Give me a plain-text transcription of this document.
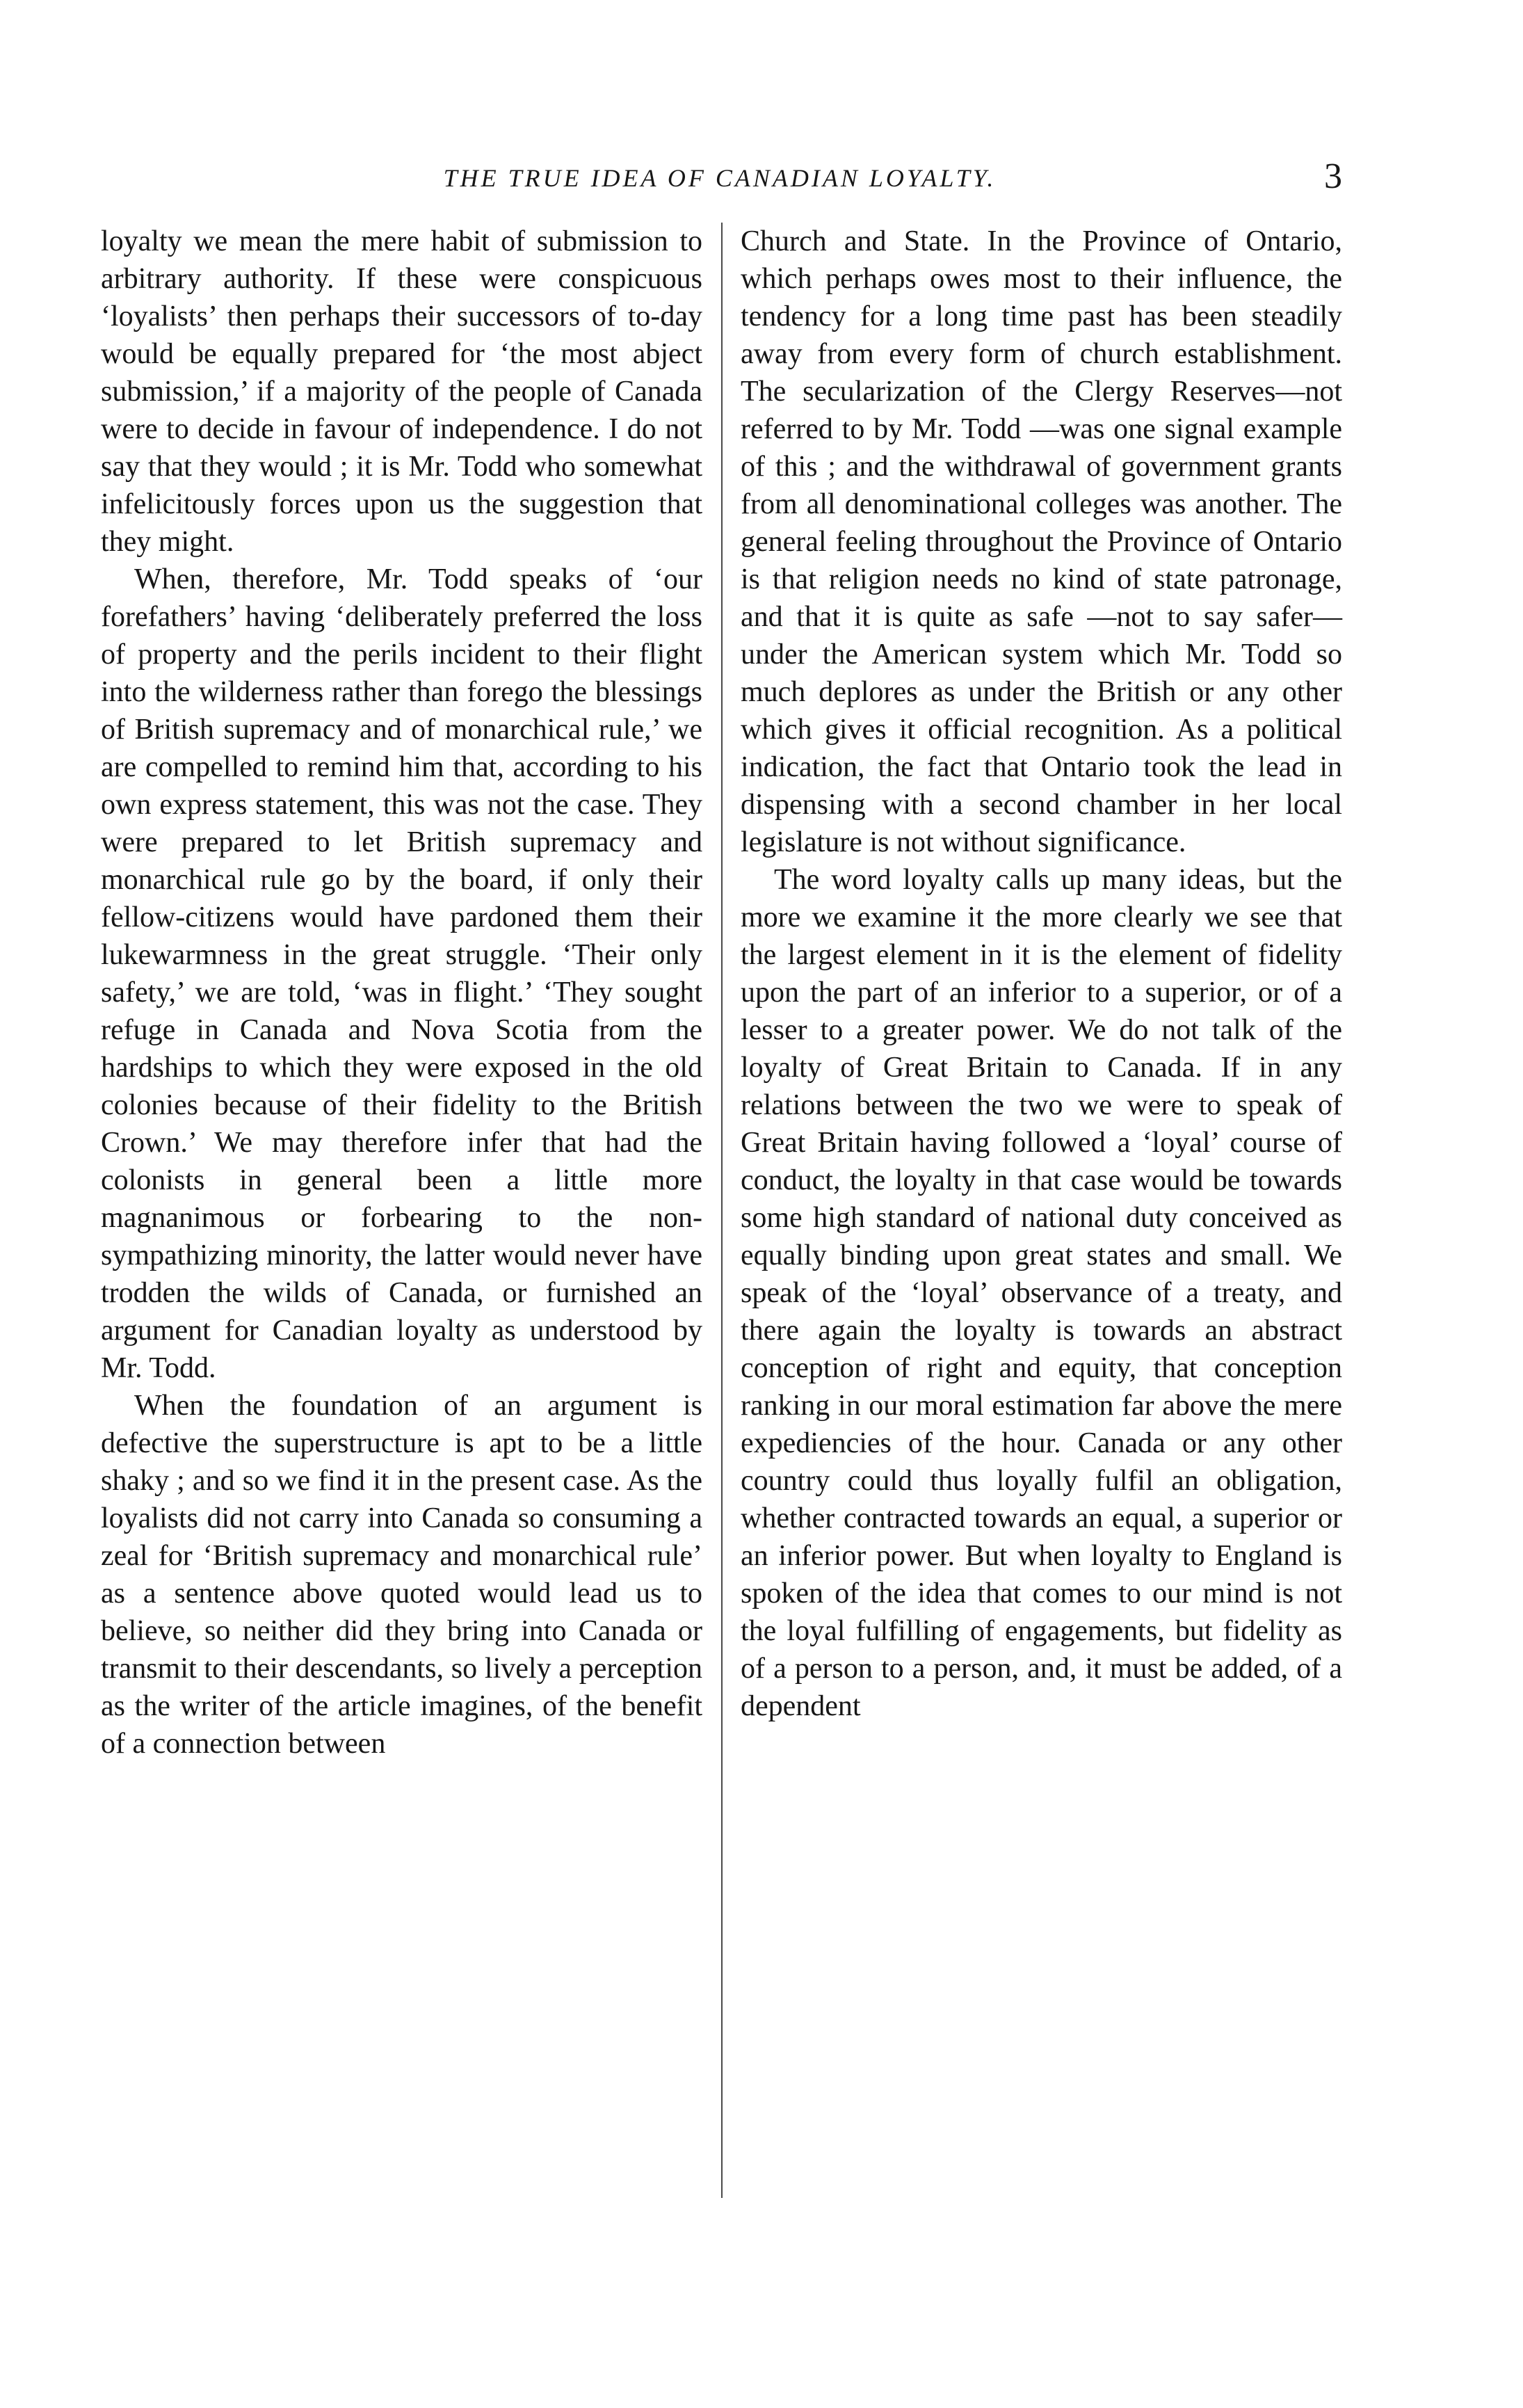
THE TRUE IDEA OF CANADIAN LOYALTY.	3

loyalty we mean the mere habit of submission to arbitrary authority. If these were conspicuous ‘loyalists’ then perhaps their successors of to-day would be equally prepared for ‘the most abject submission,’ if a majority of the people of Canada were to decide in favour of independence. I do not say that they would ; it is Mr. Todd who somewhat infelicitously forces upon us the suggestion that they might.

When, therefore, Mr. Todd speaks of ‘our forefathers’ having ‘deliberately preferred the loss of property and the perils incident to their flight into the wilderness rather than forego the blessings of British supremacy and of monarchical rule,’ we are compelled to remind him that, according to his own express statement, this was not the case. They were prepared to let British supremacy and monarchical rule go by the board, if only their fellow-citizens would have pardoned them their lukewarmness in the great struggle. ‘Their only safety,’ we are told, ‘was in flight.’ ‘They sought refuge in Canada and Nova Scotia from the hardships to which they were exposed in the old colonies because of their fidelity to the British Crown.’ We may therefore infer that had the colonists in general been a little more magnanimous or forbearing to the non-sympathizing minority, the latter would never have trodden the wilds of Canada, or furnished an argument for Canadian loyalty as understood by Mr. Todd.

When the foundation of an argument is defective the superstructure is apt to be a little shaky ; and so we find it in the present case. As the loyalists did not carry into Canada so consuming a zeal for ‘British supremacy and monarchical rule’ as a sentence above quoted would lead us to believe, so neither did they bring into Canada or transmit to their descendants, so lively a perception as the writer of the article imagines, of the benefit of a connection between

Church and State. In the Province of Ontario, which perhaps owes most to their influence, the tendency for a long time past has been steadily away from every form of church establishment. The secularization of the Clergy Reserves—not referred to by Mr. Todd —was one signal example of this ; and the withdrawal of government grants from all denominational colleges was another. The general feeling throughout the Province of Ontario is that religion needs no kind of state patronage, and that it is quite as safe —not to say safer—under the American system which Mr. Todd so much deplores as under the British or any other which gives it official recognition. As a political indication, the fact that Ontario took the lead in dispensing with a second chamber in her local legislature is not without significance.

The word loyalty calls up many ideas, but the more we examine it the more clearly we see that the largest element in it is the element of fidelity upon the part of an inferior to a superior, or of a lesser to a greater power. We do not talk of the loyalty of Great Britain to Canada. If in any relations between the two we were to speak of Great Britain having followed a ‘loyal’ course of conduct, the loyalty in that case would be towards some high standard of national duty conceived as equally binding upon great states and small. We speak of the ‘loyal’ observance of a treaty, and there again the loyalty is towards an abstract conception of right and equity, that conception ranking in our moral estimation far above the mere expediencies of the hour. Canada or any other country could thus loyally fulfil an obligation, whether contracted towards an equal, a superior or an inferior power. But when loyalty to England is spoken of the idea that comes to our mind is not the loyal fulfilling of engagements, but fidelity as of a person to a person, and, it must be added, of a dependent
